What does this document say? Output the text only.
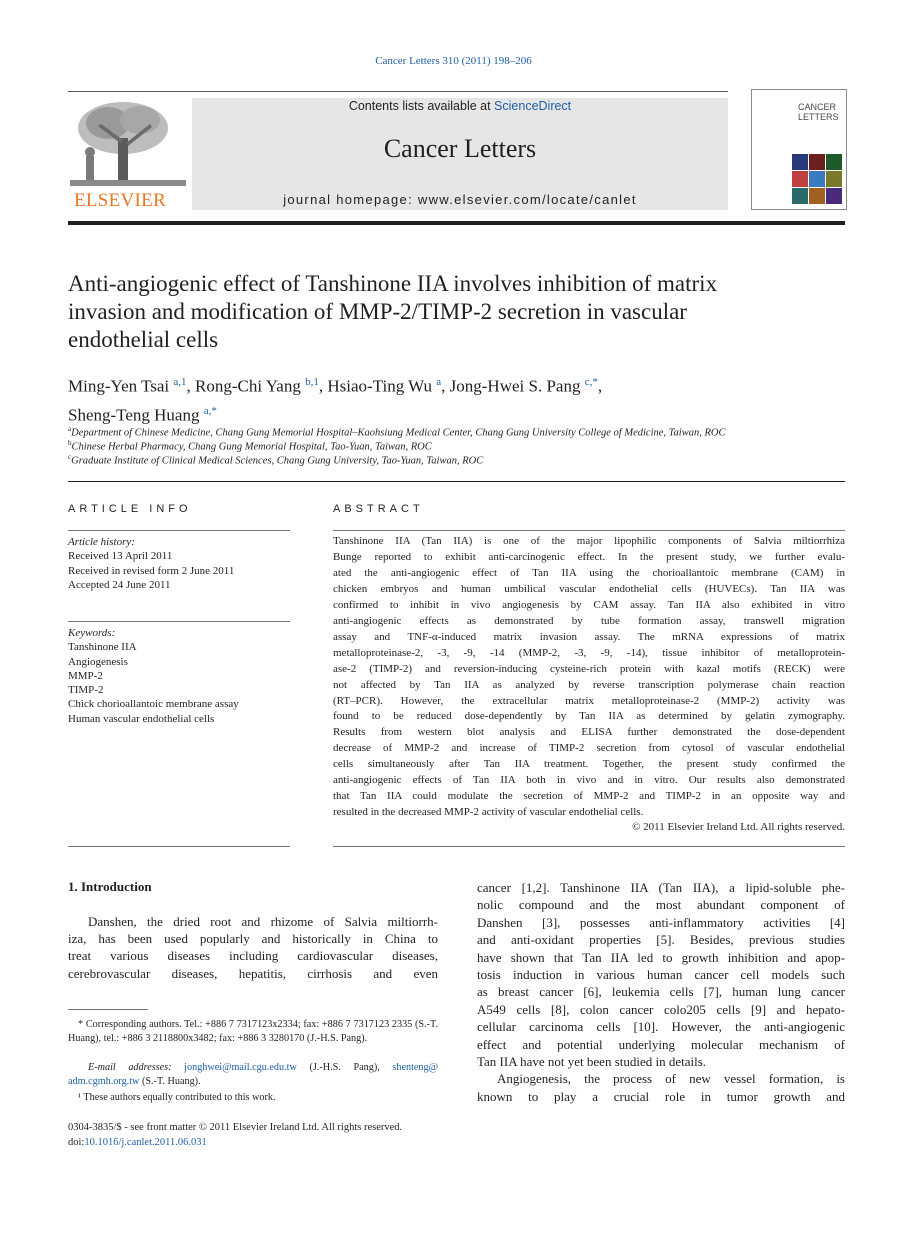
Cancer Letters 310 (2011) 198–206
ELSEVIER
Contents lists available at ScienceDirect
Cancer Letters
journal homepage: www.elsevier.com/locate/canlet
CANCER
LETTERS
Anti-angiogenic effect of Tanshinone IIA involves inhibition of matrix
invasion and modification of MMP-2/TIMP-2 secretion in vascular
endothelial cells
Ming-Yen Tsai $^{a,1}$, Rong-Chi Yang $^{b,1}$, Hsiao-Ting Wu $^a$, Jong-Hwei S. Pang $^{c,*}$,
Sheng-Teng Huang $^{a,*}$
$^a$Department of Chinese Medicine, Chang Gung Memorial Hospital–Kaohsiung Medical Center, Chang Gung University College of Medicine, Taiwan, ROC
$^b$Chinese Herbal Pharmacy, Chang Gung Memorial Hospital, Tao-Yuan, Taiwan, ROC
$^c$Graduate Institute of Clinical Medical Sciences, Chang Gung University, Tao-Yuan, Taiwan, ROC
ARTICLE INFO
Article history:
Received 13 April 2011
Received in revised form 2 June 2011
Accepted 24 June 2011
Keywords:
Tanshinone IIA
Angiogenesis
MMP-2
TIMP-2
Chick chorioallantoic membrane assay
Human vascular endothelial cells
ABSTRACT
Tanshinone IIA (Tan IIA) is one of the major lipophilic components of Salvia miltiorrhiza
Bunge reported to exhibit anti-carcinogenic effect. In the present study, we further evalu-
ated the anti-angiogenic effect of Tan IIA using the chorioallantoic membrane (CAM) in
chicken embryos and human umbilical vascular endothelial cells (HUVECs). Tan IIA was
confirmed to inhibit in vivo angiogenesis by CAM assay. Tan IIA also exhibited in vitro
anti-angiogenic effects as demonstrated by tube formation assay, transwell migration
assay and TNF-α-induced matrix invasion assay. The mRNA expressions of matrix
metalloproteinase-2, -3, -9, -14 (MMP-2, -3, -9, -14), tissue inhibitor of metalloprotein-
ase-2 (TIMP-2) and reversion-inducing cysteine-rich protein with kazal motifs (RECK) were
not affected by Tan IIA as analyzed by reverse transcription polymerase chain reaction
(RT–PCR). However, the extracellular matrix metalloproteinase-2 (MMP-2) activity was
found to be reduced dose-dependently by Tan IIA as determined by gelatin zymography.
Results from western blot analysis and ELISA further demonstrated the dose-dependent
decrease of MMP-2 and increase of TIMP-2 secretion from cytosol of vascular endothelial
cells simultaneously after Tan IIA treatment. Together, the present study confirmed the
anti-angiogenic effects of Tan IIA both in vivo and in vitro. Our results also demonstrated
that Tan IIA could modulate the secretion of MMP-2 and TIMP-2 in an opposite way and
resulted in the decreased MMP-2 activity of vascular endothelial cells.
© 2011 Elsevier Ireland Ltd. All rights reserved.
1. Introduction
Danshen, the dried root and rhizome of Salvia miltiorrh-
iza, has been used popularly and historically in China to
treat various diseases including cardiovascular diseases,
cerebrovascular diseases, hepatitis, cirrhosis and even
cancer [1,2]. Tanshinone IIA (Tan IIA), a lipid-soluble phe-
nolic compound and the most abundant component of
Danshen [3], possesses anti-inflammatory activities [4]
and anti-oxidant properties [5]. Besides, previous studies
have shown that Tan IIA led to growth inhibition and apop-
tosis induction in various human cancer cell models such
as breast cancer [6], leukemia cells [7], human lung cancer
A549 cells [8], colon cancer colo205 cells [9] and hepato-
cellular carcinoma cells [10]. However, the anti-angiogenic
effect and potential underlying molecular mechanism of
Tan IIA have not yet been studied in details.
Angiogenesis, the process of new vessel formation, is
known to play a crucial role in tumor growth and
* Corresponding authors. Tel.: +886 7 7317123x2334; fax: +886 7 7317123 2335 (S.-T. Huang), tel.: +886 3 2118800x3482; fax: +886 3 3280170 (J.-H.S. Pang).
E-mail addresses: jonghwei@mail.cgu.edu.tw (J.-H.S. Pang), shenteng@ adm.cgmh.org.tw (S.-T. Huang).
¹ These authors equally contributed to this work.
0304-3835/$ - see front matter © 2011 Elsevier Ireland Ltd. All rights reserved.
doi:10.1016/j.canlet.2011.06.031
